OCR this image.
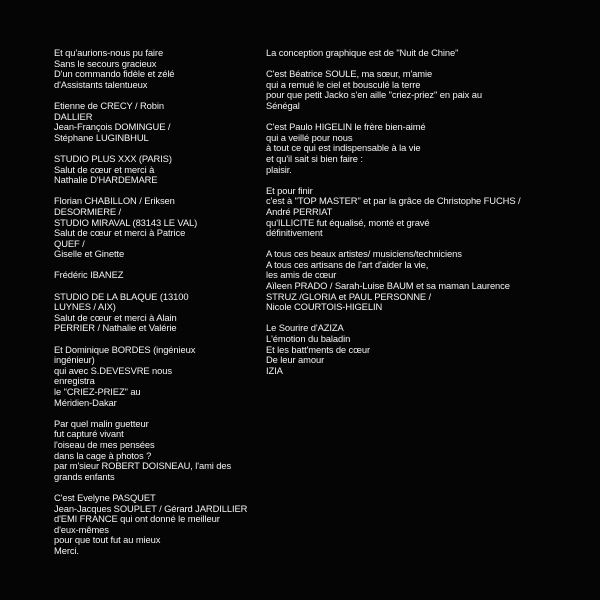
Et qu'aurions-nous pu faire
Sans le secours gracieux
D'un commando fidèle et zélé
d'Assistants talentueux
Etienne de CRECY / Robin
DALLIER
Jean-François DOMINGUE /
Stéphane LUGINBHUL
STUDIO PLUS XXX (PARIS)
Salut de cœur et merci à
Nathalie D'HARDEMARE
Florian CHABILLON / Eriksen
DESORMIERE /
STUDIO MIRAVAL (83143 LE VAL)
Salut de cœur et merci à Patrice
QUEF /
Giselle et Ginette
Frédéric IBANEZ
STUDIO DE LA BLAQUE (13100
LUYNES / AIX)
Salut de cœur et merci à Alain
PERRIER / Nathalie et Valérie
Et Dominique BORDES (ingénieux
ingénieur)
qui avec S.DEVESVRE nous
enregistra
le "CRIEZ-PRIEZ" au
Méridien-Dakar
Par quel malin guetteur
fut capturé vivant
l'oiseau de mes pensées
dans la cage à photos ?
par m'sieur ROBERT DOISNEAU, l'ami des
grands enfants
C'est Evelyne PASQUET
Jean-Jacques SOUPLET / Gérard JARDILLIER
d'EMI FRANCE qui ont donné le meilleur
d'eux-mêmes
pour que tout fut au mieux
Merci.
La conception graphique est de "Nuit de Chine"
C'est Béatrice SOULE, ma sœur, m'amie
qui a remué le ciel et bousculé la terre
pour que petit Jacko s'en aille "criez-priez" en paix au
Sénégal
C'est Paulo HIGELIN le frère bien-aimé
qui a veillé pour nous
à tout ce qui est indispensable à la vie
et qu'il sait si bien faire :
plaisir.
Et pour finir
c'est à "TOP MASTER" et par la grâce de Christophe FUCHS /
André PERRIAT
qu'ILLICITE fut équalisé, monté et gravé
définitivement
A tous ces beaux artistes/ musiciens/techniciens
A tous ces artisans de l'art d'aider la vie,
les amis de cœur
Aïleen PRADO / Sarah-Luise BAUM et sa maman Laurence
STRUZ /GLORIA et PAUL PERSONNE /
Nicole COURTOIS-HIGELIN
Le Sourire d'AZIZA
L'émotion du baladin
Et les batt'ments de cœur
De leur amour
IZIA
